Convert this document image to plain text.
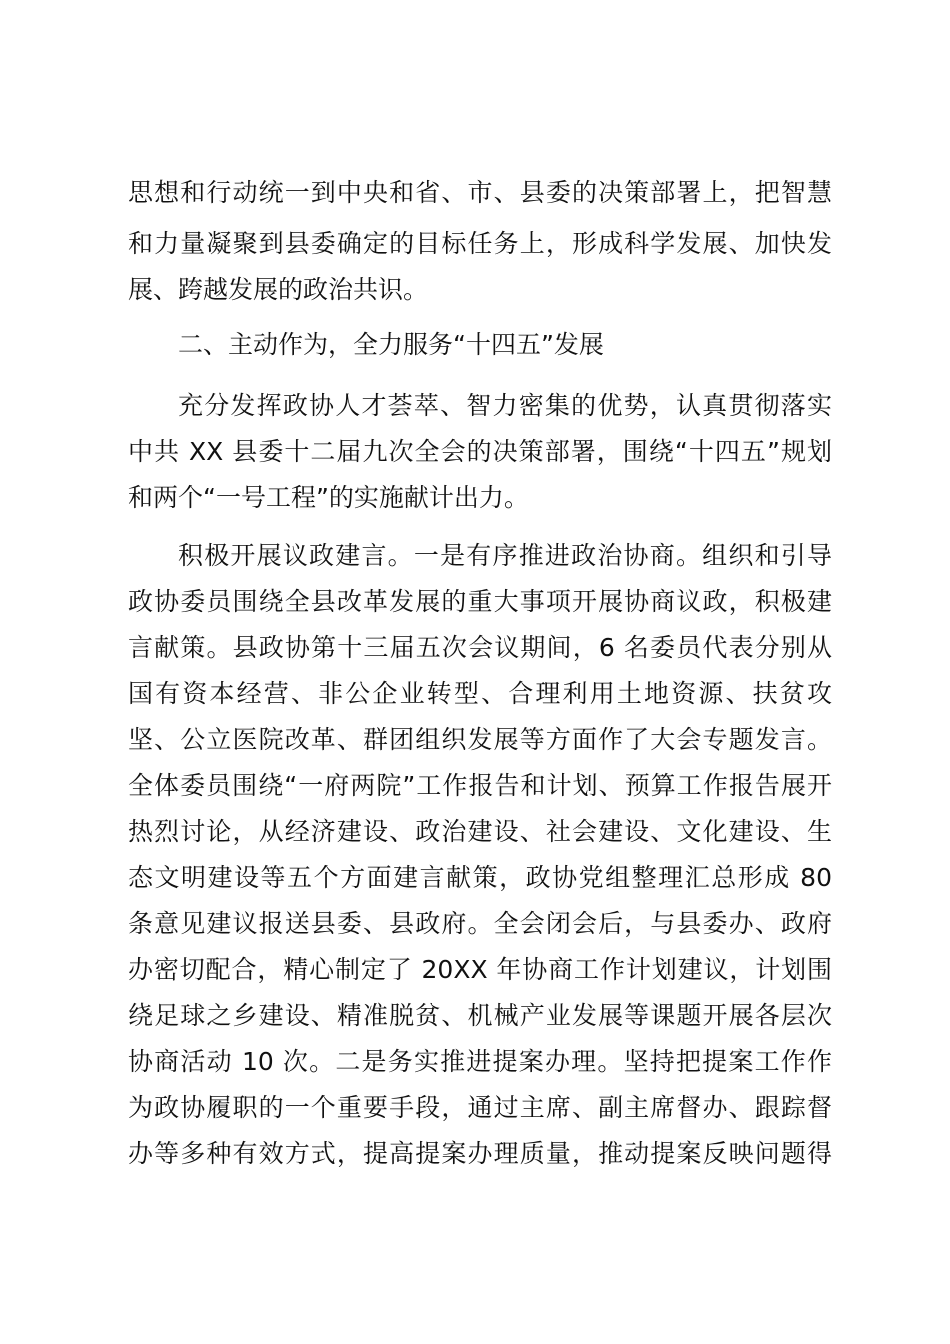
思想和行动统一到中央和省、市、县委的决策部署上，把智慧
和力量凝聚到县委确定的目标任务上，形成科学发展、加快发
展、跨越发展的政治共识。
二、主动作为，全力服务“十四五”发展
充分发挥政协人才荟萃、智力密集的优势，认真贯彻落实
中共 XX 县委十二届九次全会的决策部署，围绕“十四五”规划
和两个“一号工程”的实施献计出力。
积极开展议政建言。一是有序推进政治协商。组织和引导
政协委员围绕全县改革发展的重大事项开展协商议政，积极建
言献策。县政协第十三届五次会议期间，6 名委员代表分别从
国有资本经营、非公企业转型、合理利用土地资源、扶贫攻
坚、公立医院改革、群团组织发展等方面作了大会专题发言。
全体委员围绕“一府两院”工作报告和计划、预算工作报告展开
热烈讨论，从经济建设、政治建设、社会建设、文化建设、生
态文明建设等五个方面建言献策，政协党组整理汇总形成 80
条意见建议报送县委、县政府。全会闭会后，与县委办、政府
办密切配合，精心制定了 20XX 年协商工作计划建议，计划围
绕足球之乡建设、精准脱贫、机械产业发展等课题开展各层次
协商活动 10 次。二是务实推进提案办理。坚持把提案工作作
为政协履职的一个重要手段，通过主席、副主席督办、跟踪督
办等多种有效方式，提高提案办理质量，推动提案反映问题得
